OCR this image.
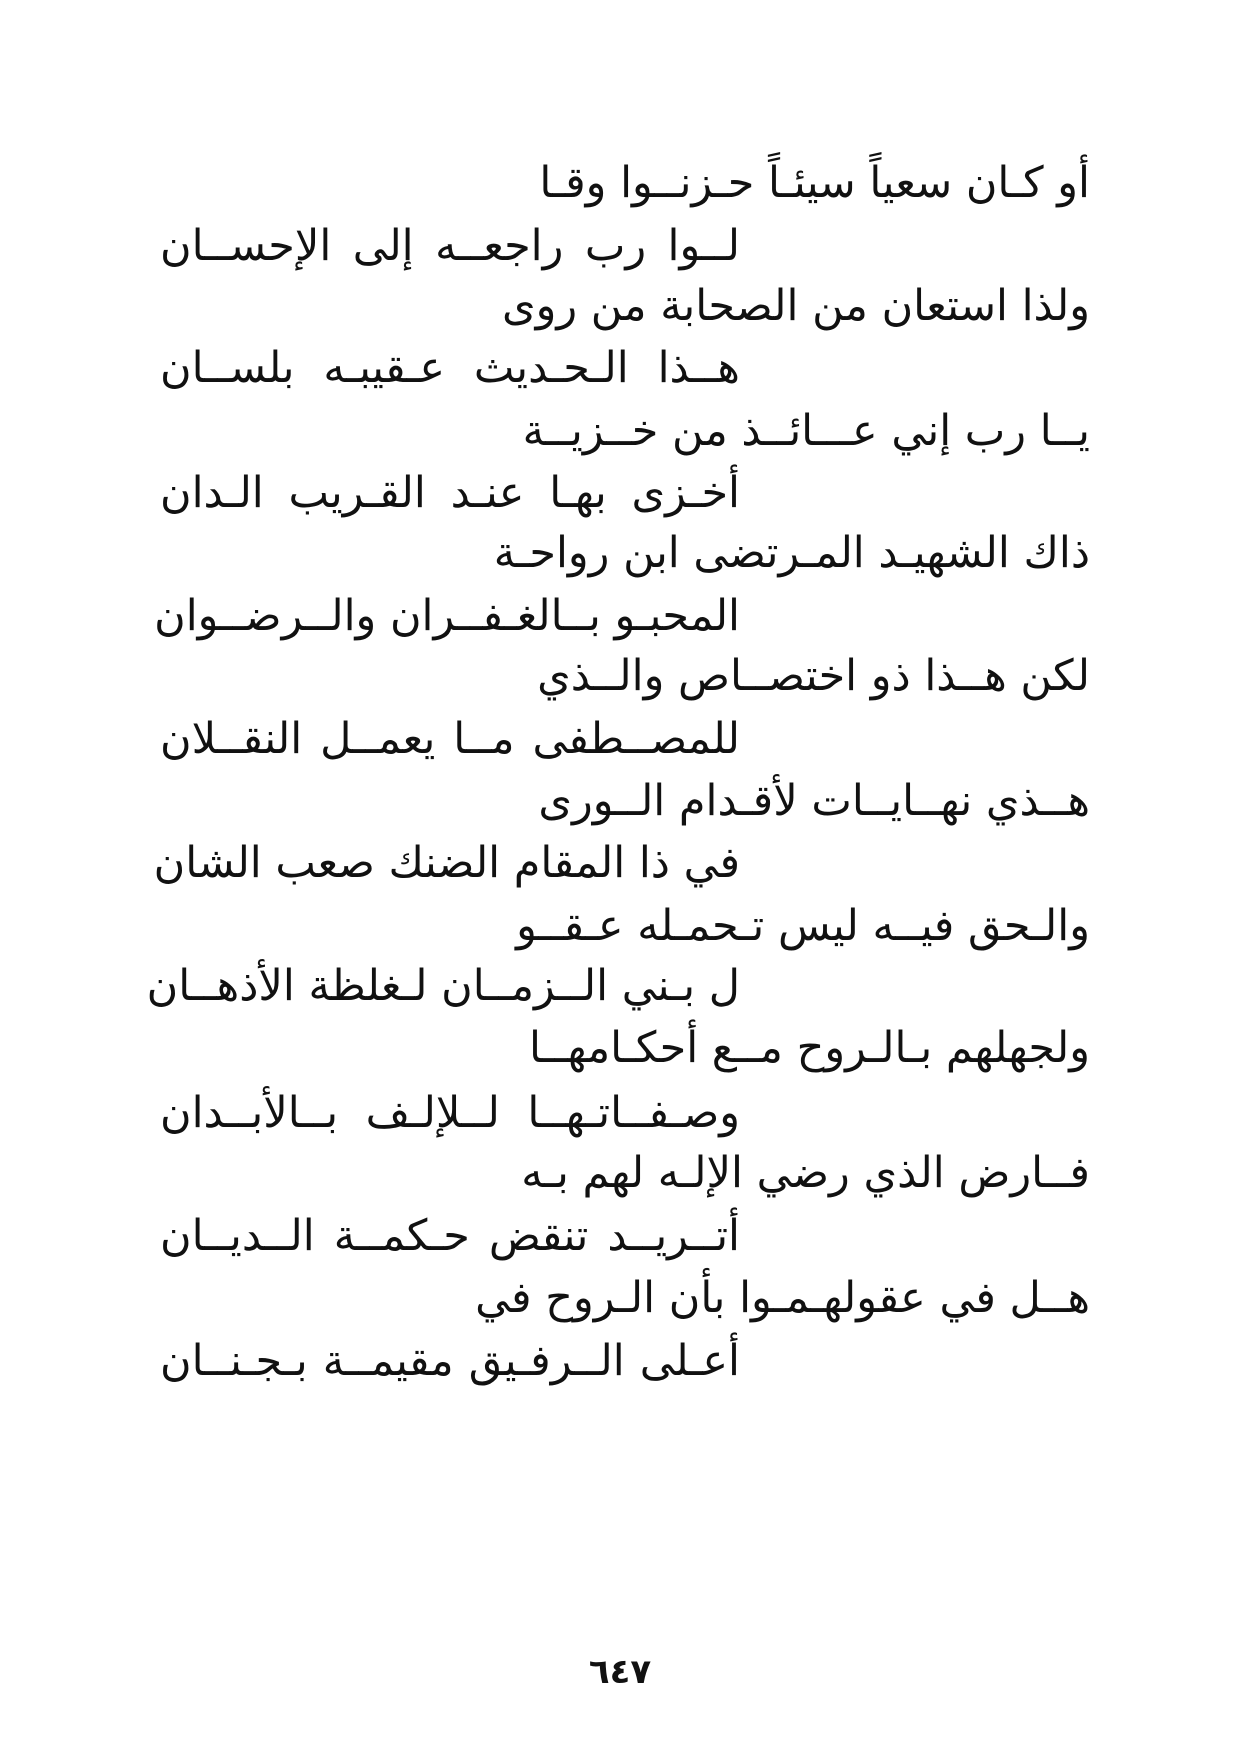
أو كـان سعياً سيئـاً حـزنــوا وقـا
لــوا رب راجعــه إلى الإحســان
ولذا استعان من الصحابة من روى
هــذا الـحـديث عـقيبـه بلســان
يــا رب إني عـــائــذ من خــزيــة
أخـزى بهـا عنـد القـريب الـدان
ذاك الشهيـد المـرتضى ابن رواحـة
المحبـو بــالغـفــران والــرضــوان
لكن هــذا ذو اختصــاص والــذي
للمصــطفى مــا يعمــل النقــلان
هــذي نهــايــات لأقـدام الــورى
في ذا المقام الضنك صعب الشان
والـحق فيــه ليس تـحمـله عـقــو
ل بـني الــزمــان لـغلظة الأذهــان
ولجهلهم بـالـروح مــع أحكـامهــا
وصـفــاتـهــا لــلإلـف بــالأبــدان
فــارض الذي رضي الإلـه لهم بـه
أتــريــد تنقض حـكمــة الــديــان
هــل في عقولهـمـوا بأن الـروح في
أعـلى الــرفـيق مقيمــة بـجـنــان
٦٤٧
